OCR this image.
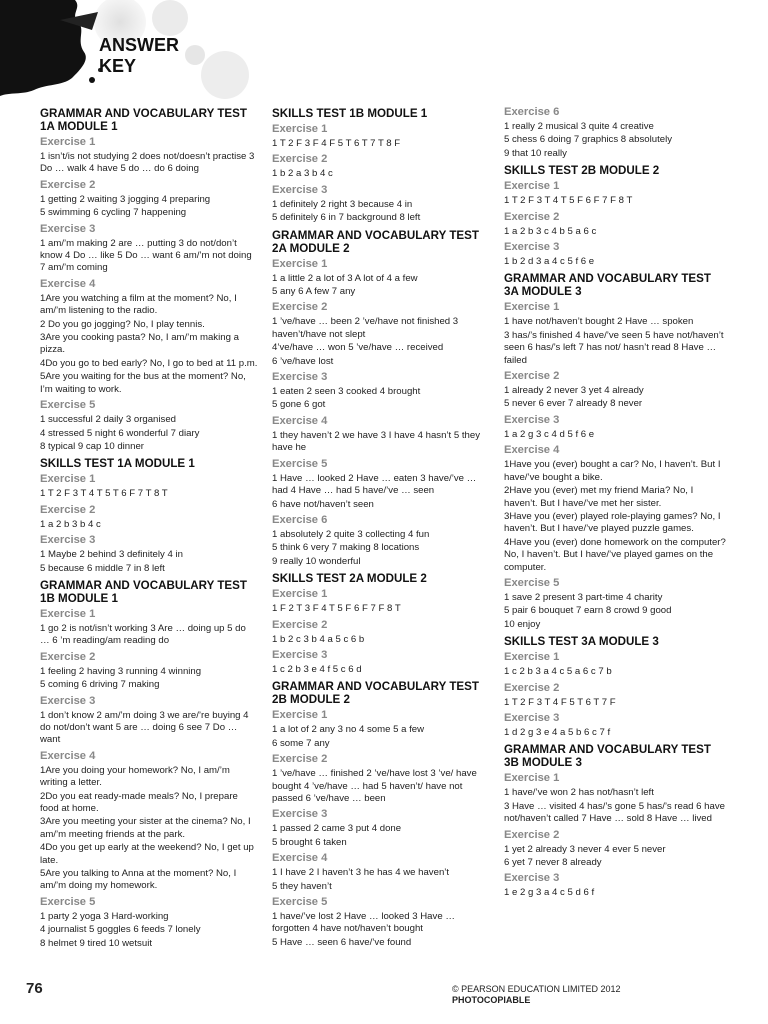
ANSWER
KEY
GRAMMAR AND VOCABULARY TEST 1A MODULE 1
Exercise 1
1 isn’t/is not studying 2 does not/doesn’t practise 3 Do … walk 4 have 5 do … do 6 doing
Exercise 2
1 getting 2 waiting 3 jogging 4 preparing
5 swimming 6 cycling 7 happening
Exercise 3
1 am/’m making 2 are … putting 3 do not/don’t know 4 Do … like 5 Do … want 6 am/’m not doing 7 am/’m coming
Exercise 4
1Are you watching a film at the moment? No, I am/’m listening to the radio.
2 Do you go jogging? No, I play tennis.
3Are you cooking pasta? No, I am/’m making a pizza.
4Do you go to bed early? No, I go to bed at 11 p.m.
5Are you waiting for the bus at the moment? No, I’m waiting to work.
Exercise 5
1 successful 2 daily 3 organised
4 stressed 5 night 6 wonderful 7 diary
8 typical 9 cap 10 dinner
SKILLS TEST 1A MODULE 1
Exercise 1
1 T 2 F 3 T 4 T 5 T 6 F 7 T 8 T
Exercise 2
1 a 2 b 3 b 4 c
Exercise 3
1 Maybe 2 behind 3 definitely 4 in
5 because 6 middle 7 in 8 left
GRAMMAR AND VOCABULARY TEST 1B MODULE 1
Exercise 1
1 go 2 is not/isn’t working 3 Are … doing up 5 do … 6 ’m reading/am reading do
Exercise 2
1 feeling 2 having 3 running 4 winning
5 coming 6 driving 7 making
Exercise 3
1 don’t know 2 am/’m doing 3 we are/’re buying 4 do not/don’t want 5 are … doing 6 see 7 Do … want
Exercise 4
1Are you doing your homework? No, I am/’m writing a letter.
2Do you eat ready-made meals? No, I prepare food at home.
3Are you meeting your sister at the cinema? No, I am/’m meeting friends at the park.
4Do you get up early at the weekend? No, I get up late.
5Are you talking to Anna at the moment? No, I am/’m doing my homework.
Exercise 5
1 party 2 yoga 3 Hard-working
4 journalist 5 goggles 6 feeds 7 lonely
8 helmet 9 tired 10 wetsuit
SKILLS TEST 1B MODULE 1
Exercise 1
1 T 2 F 3 F 4 F 5 T 6 T 7 T 8 F
Exercise 2
1 b 2 a 3 b 4 c
Exercise 3
1 definitely 2 right 3 because 4 in
5 definitely 6 in 7 background 8 left
GRAMMAR AND VOCABULARY TEST 2A MODULE 2
Exercise 1
1 a little 2 a lot of 3 A lot of 4 a few
5 any 6 A few 7 any
Exercise 2
1 ’ve/have … been 2 ’ve/have not finished 3 haven’t/have not slept
4’ve/have … won 5 ’ve/have … received
6 ’ve/have lost
Exercise 3
1 eaten 2 seen 3 cooked 4 brought
5 gone 6 got
Exercise 4
1 they haven’t 2 we have 3 I have 4 hasn’t 5 they have he
Exercise 5
1 Have … looked 2 Have … eaten 3 have/’ve … had 4 Have … had 5 have/’ve … seen
6 have not/haven’t seen
Exercise 6
1 absolutely 2 quite 3 collecting 4 fun
5 think 6 very 7 making 8 locations
9 really 10 wonderful
SKILLS TEST 2A MODULE 2
Exercise 1
1 F 2 T 3 F 4 T 5 F 6 F 7 F 8 T
Exercise 2
1 b 2 c 3 b 4 a 5 c 6 b
Exercise 3
1 c 2 b 3 e 4 f 5 c 6 d
GRAMMAR AND VOCABULARY TEST 2B MODULE 2
Exercise 1
1 a lot of 2 any 3 no 4 some 5 a few
6 some 7 any
Exercise 2
1 ’ve/have … finished 2 ’ve/have lost 3 ’ve/ have bought 4 ’ve/have … had 5 haven’t/ have not passed 6 ’ve/have … been
Exercise 3
1 passed 2 came 3 put 4 done
5 brought 6 taken
Exercise 4
1 I have 2 I haven’t 3 he has 4 we haven’t
5 they haven’t
Exercise 5
1 have/’ve lost 2 Have … looked 3 Have … forgotten 4 have not/haven’t bought
5 Have … seen 6 have/’ve found
Exercise 6
1 really 2 musical 3 quite 4 creative
5 chess 6 doing 7 graphics 8 absolutely
9 that 10 really
SKILLS TEST 2B MODULE 2
Exercise 1
1 T 2 F 3 T 4 T 5 F 6 F 7 F 8 T
Exercise 2
1 a 2 b 3 c 4 b 5 a 6 c
Exercise 3
1 b 2 d 3 a 4 c 5 f 6 e
GRAMMAR AND VOCABULARY TEST 3A MODULE 3
Exercise 1
1 have not/haven’t bought 2 Have … spoken
3 has/’s finished 4 have/’ve seen 5 have not/haven’t seen 6 has/’s left 7 has not/ hasn’t read 8 Have … failed
Exercise 2
1 already 2 never 3 yet 4 already
5 never 6 ever 7 already 8 never
Exercise 3
1 a 2 g 3 c 4 d 5 f 6 e
Exercise 4
1Have you (ever) bought a car? No, I haven’t. But I have/’ve bought a bike.
2Have you (ever) met my friend Maria? No, I haven’t. But I have/’ve met her sister.
3Have you (ever) played role-playing games? No, I haven’t. But I have/’ve played puzzle games.
4Have you (ever) done homework on the computer? No, I haven’t. But I have/’ve played games on the computer.
Exercise 5
1 save 2 present 3 part-time 4 charity
5 pair 6 bouquet 7 earn 8 crowd 9 good
10 enjoy
SKILLS TEST 3A MODULE 3
Exercise 1
1 c 2 b 3 a 4 c 5 a 6 c 7 b
Exercise 2
1 T 2 F 3 T 4 F 5 T 6 T 7 F
Exercise 3
1 d 2 g 3 e 4 a 5 b 6 c 7 f
GRAMMAR AND VOCABULARY TEST 3B MODULE 3
Exercise 1
1 have/’ve won 2 has not/hasn’t left
3 Have … visited 4 has/’s gone 5 has/’s read 6 have not/haven’t called 7 Have … sold 8 Have … lived
Exercise 2
1 yet 2 already 3 never 4 ever 5 never
6 yet 7 never 8 already
Exercise 3
1 e 2 g 3 a 4 c 5 d 6 f
76	© PEARSON EDUCATION LIMITED 2012
PHOTOCOPIABLE
